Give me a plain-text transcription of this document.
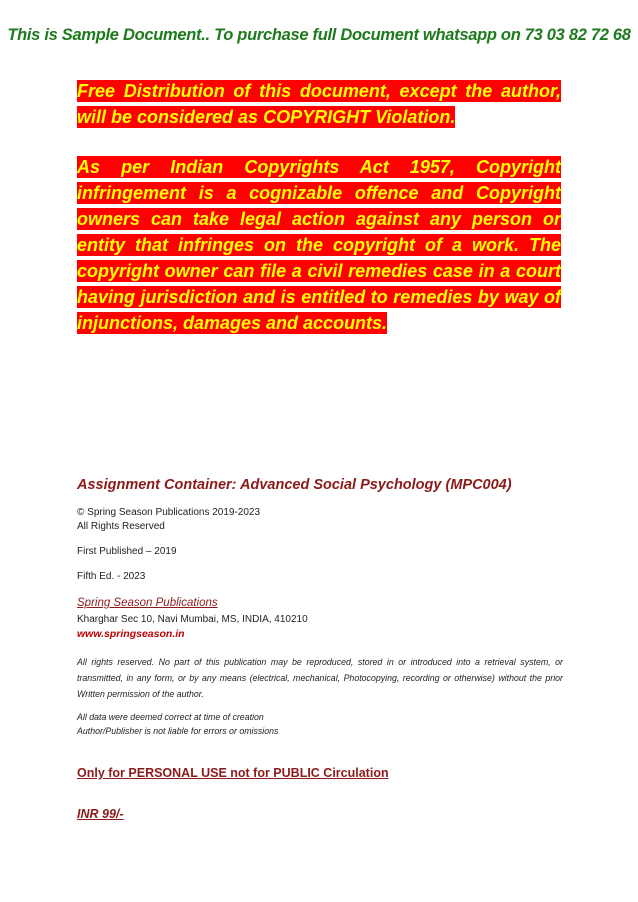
This is Sample Document.. To purchase full Document whatsapp on 73 03 82 72 68
Free Distribution of this document, except the author, will be considered as COPYRIGHT Violation.
As per Indian Copyrights Act 1957, Copyright infringement is a cognizable offence and Copyright owners can take legal action against any person or entity that infringes on the copyright of a work. The copyright owner can file a civil remedies case in a court having jurisdiction and is entitled to remedies by way of injunctions, damages and accounts.
Assignment Container: Advanced Social Psychology (MPC004)
© Spring Season Publications 2019-2023
All Rights Reserved
First Published – 2019
Fifth Ed. - 2023
Spring Season Publications
Kharghar Sec 10, Navi Mumbai, MS, INDIA, 410210
www.springseason.in
All rights reserved. No part of this publication may be reproduced, stored in or introduced into a retrieval system, or transmitted, in any form, or by any means (electrical, mechanical, Photocopying, recording or otherwise) without the prior Written permission of the author.
All data were deemed correct at time of creation
Author/Publisher is not liable for errors or omissions
Only for PERSONAL USE not for PUBLIC Circulation
INR 99/-
